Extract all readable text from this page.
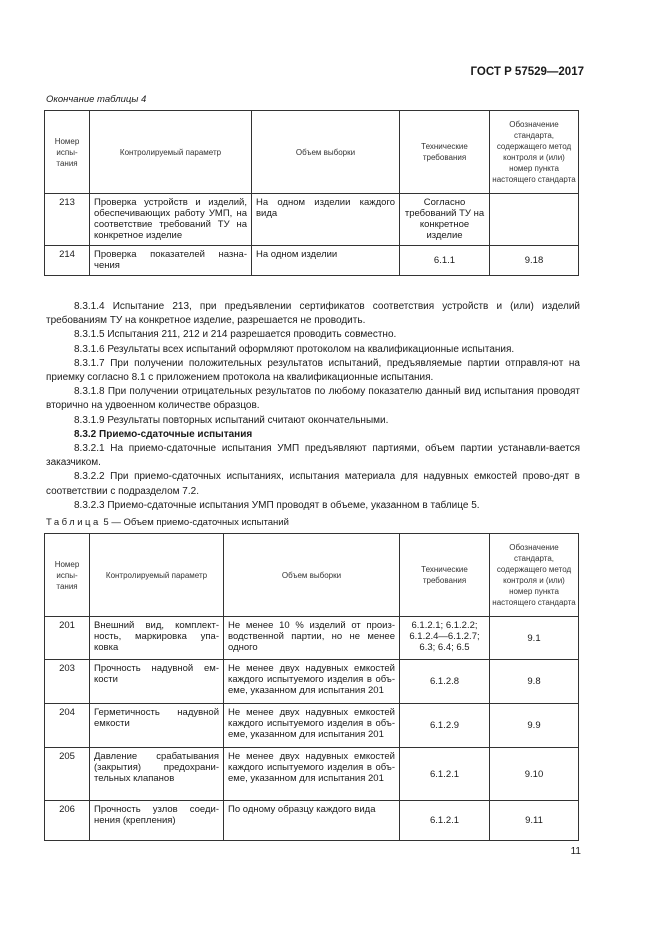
ГОСТ Р 57529—2017
Окончание таблицы 4
Номер испы-тания	Контролируемый параметр	Объем выборки	Технические требования	Обозначение стандарта, содержащего метод контроля и (или) номер пункта настоящего стандарта
213	Проверка устройств и изделий, обеспечивающих работу УМП, на соответствие требований ТУ на конкретное изделие	На одном изделии каждого вида	Согласно требований ТУ на конкретное изделие	
214	Проверка показателей назна-чения	На одном изделии	6.1.1	9.18

8.3.1.4 Испытание 213, при предъявлении сертификатов соответствия устройств и (или) изделий требованиям ТУ на конкретное изделие, разрешается не проводить.

8.3.1.5 Испытания 211, 212 и 214 разрешается проводить совместно.

8.3.1.6 Результаты всех испытаний оформляют протоколом на квалификационные испытания.

8.3.1.7 При получении положительных результатов испытаний, предъявляемые партии отправля-ют на приемку согласно 8.1 с приложением протокола на квалификационные испытания.

8.3.1.8 При получении отрицательных результатов по любому показателю данный вид испытания проводят вторично на удвоенном количестве образцов.

8.3.1.9 Результаты повторных испытаний считают окончательными.

8.3.2 Приемо-сдаточные испытания

8.3.2.1 На приемо-сдаточные испытания УМП предъявляют партиями, объем партии устанавли-вается заказчиком.

8.3.2.2 При приемо-сдаточных испытаниях, испытания материала для надувных емкостей прово-дят в соответствии с подразделом 7.2.

8.3.2.3 Приемо-сдаточные испытания УМП проводят в объеме, указанном в таблице 5.

Таблица 5 — Объем приемо-сдаточных испытаний
Номер испы-тания	Контролируемый параметр	Объем выборки	Технические требования	Обозначение стандарта, содержащего метод контроля и (или) номер пункта настоящего стандарта
201	Внешний вид, комплект-ность, маркировка упа-ковка	Не менее 10 % изделий от произ-водственной партии, но не менее одного	6.1.2.1; 6.1.2.2; 6.1.2.4—6.1.2.7; 6.3; 6.4; 6.5	9.1
203	Прочность надувной ем-кости	Не менее двух надувных емкостей каждого испытуемого изделия в объ-еме, указанном для испытания 201	6.1.2.8	9.8
204	Герметичность надувной емкости	Не менее двух надувных емкостей каждого испытуемого изделия в объ-еме, указанном для испытания 201	6.1.2.9	9.9
205	Давление срабатывания (закрытия) предохрани-тельных клапанов	Не менее двух надувных емкостей каждого испытуемого изделия в объ-еме, указанном для испытания 201	6.1.2.1	9.10
206	Прочность узлов соеди-нения (крепления)	По одному образцу каждого вида	6.1.2.1	9.11
11
